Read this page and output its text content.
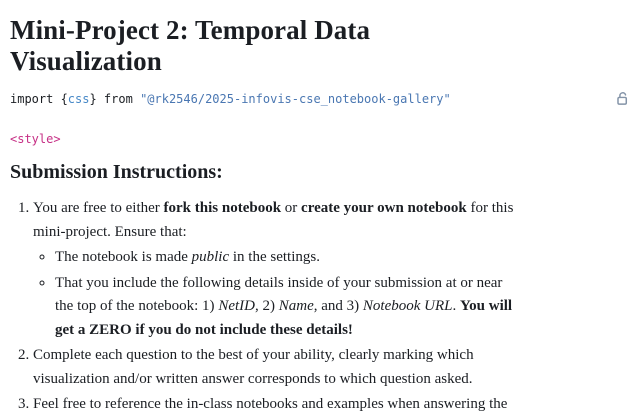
Mini-Project 2: Temporal Data Visualization
import {css} from "@rk2546/2025-infovis-cse_notebook-gallery"
<style>
Submission Instructions:
1. You are free to either fork this notebook or create your own notebook for this
mini-project. Ensure that:
◦ The notebook is made public in the settings.
◦ That you include the following details inside of your submission at or near
the top of the notebook: 1) NetID, 2) Name, and 3) Notebook URL. You will
get a ZERO if you do not include these details!
2. Complete each question to the best of your ability, clearly marking which
visualization and/or written answer corresponds to which question asked.
3. Feel free to reference the in-class notebooks and examples when answering the
